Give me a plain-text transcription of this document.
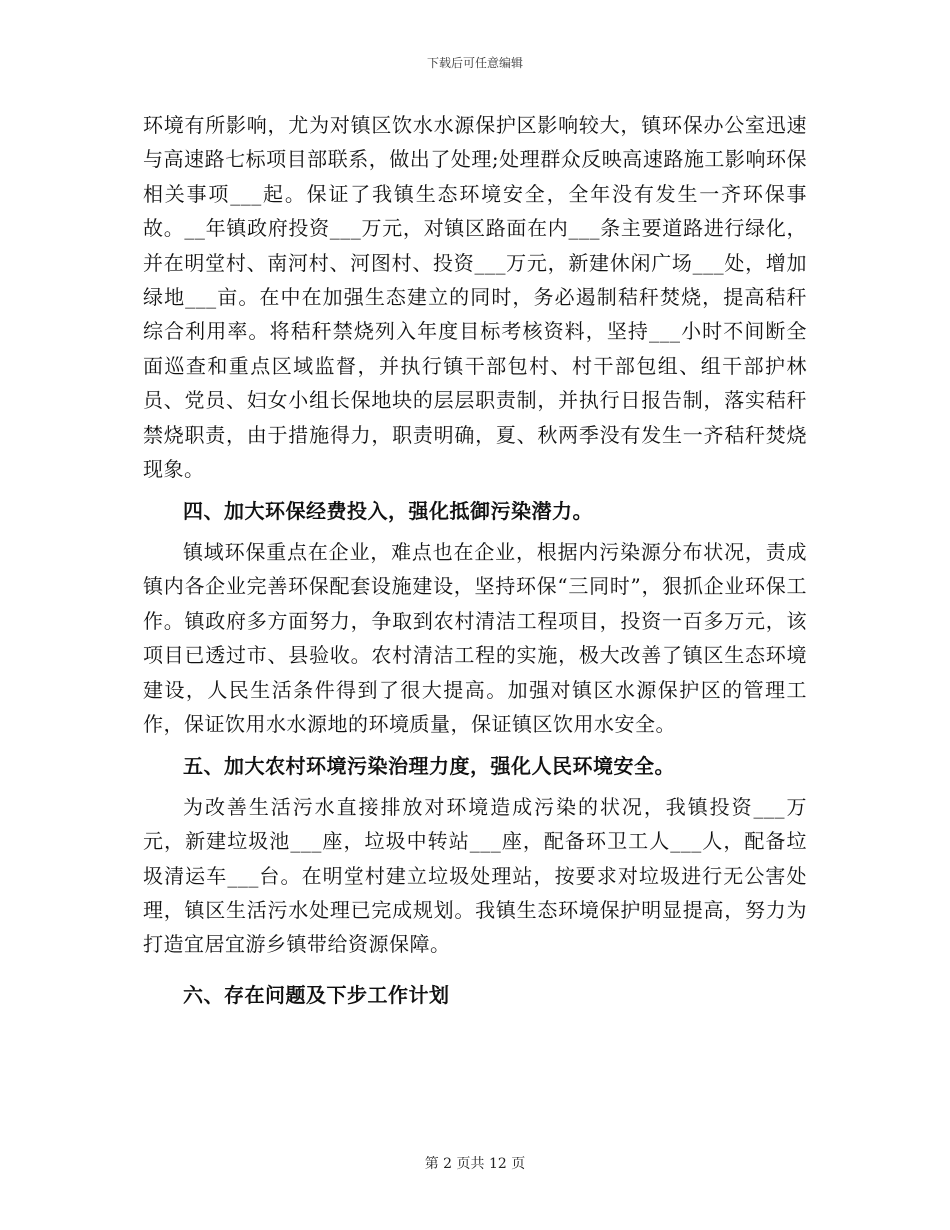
下载后可任意编辑

环境有所影响，尤为对镇区饮水水源保护区影响较大，镇环保办公室迅速与高速路七标项目部联系，做出了处理;处理群众反映高速路施工影响环保相关事项___起。保证了我镇生态环境安全，全年没有发生一齐环保事故。__年镇政府投资___万元，对镇区路面在内___条主要道路进行绿化，并在明堂村、南河村、河图村、投资___万元，新建休闲广场___处，增加绿地___亩。在中在加强生态建立的同时，务必遏制秸秆焚烧，提高秸秆综合利用率。将秸秆禁烧列入年度目标考核资料，坚持___小时不间断全面巡查和重点区域监督，并执行镇干部包村、村干部包组、组干部护林员、党员、妇女小组长保地块的层层职责制，并执行日报告制，落实秸秆禁烧职责，由于措施得力，职责明确，夏、秋两季没有发生一齐秸秆焚烧现象。

四、加大环保经费投入，强化抵御污染潜力。

镇域环保重点在企业，难点也在企业，根据内污染源分布状况，责成镇内各企业完善环保配套设施建设，坚持环保“三同时”，狠抓企业环保工作。镇政府多方面努力，争取到农村清洁工程项目，投资一百多万元，该项目已透过市、县验收。农村清洁工程的实施，极大改善了镇区生态环境建设，人民生活条件得到了很大提高。加强对镇区水源保护区的管理工作，保证饮用水水源地的环境质量，保证镇区饮用水安全。

五、加大农村环境污染治理力度，强化人民环境安全。

为改善生活污水直接排放对环境造成污染的状况，我镇投资___万元，新建垃圾池___座，垃圾中转站___座，配备环卫工人___人，配备垃圾清运车___台。在明堂村建立垃圾处理站，按要求对垃圾进行无公害处理，镇区生活污水处理已完成规划。我镇生态环境保护明显提高，努力为打造宜居宜游乡镇带给资源保障。

六、存在问题及下步工作计划
第 2 页共 12 页
